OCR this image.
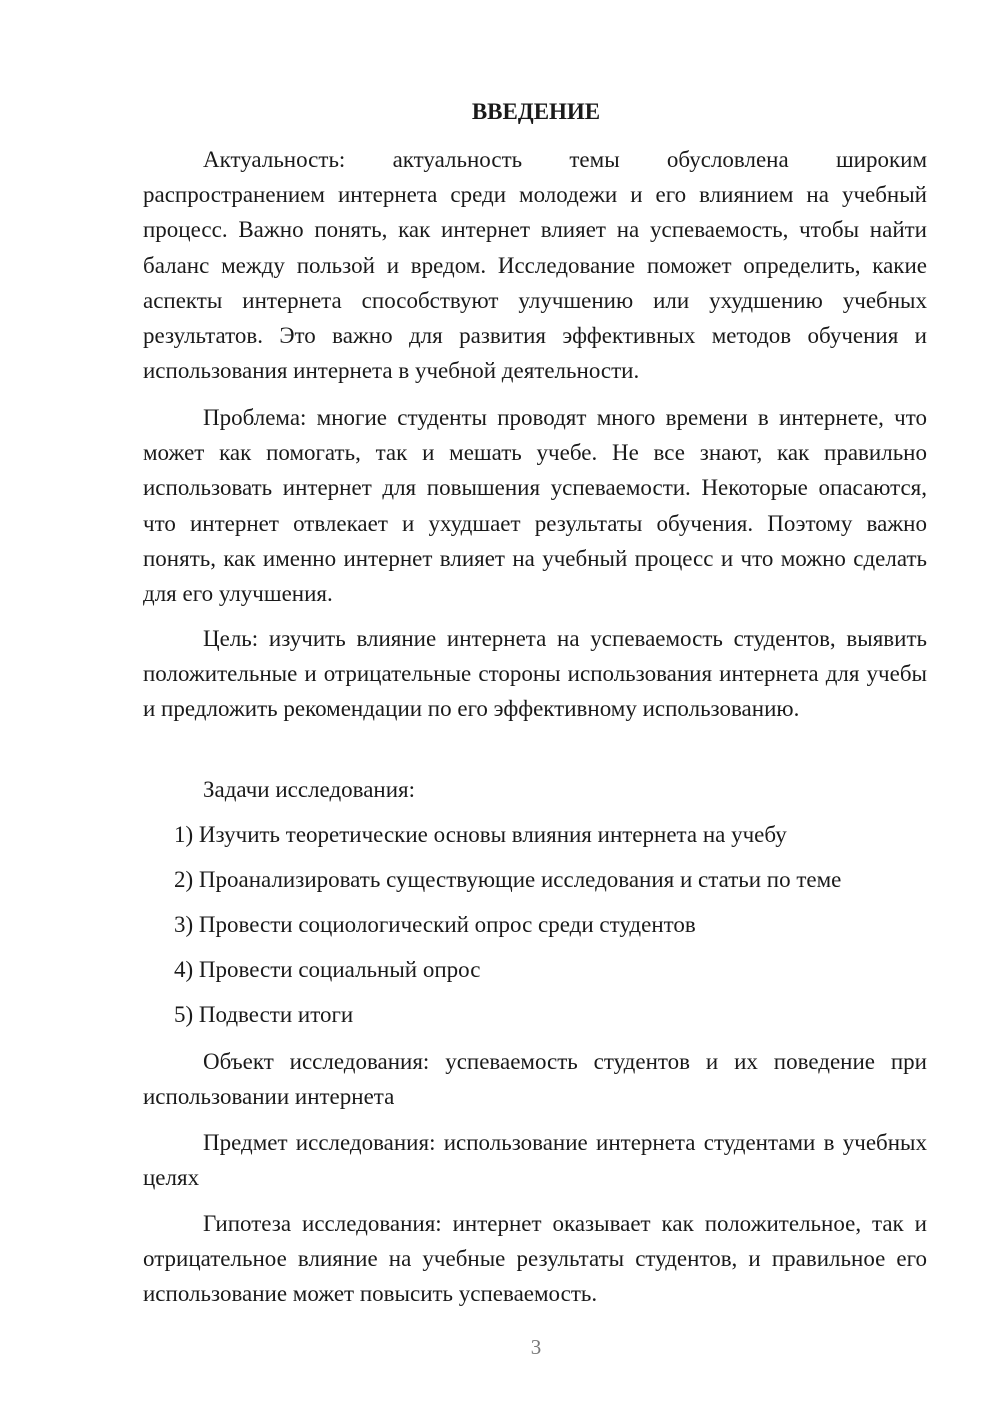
ВВЕДЕНИЕ

Актуальность: актуальность темы обусловлена широким распространением интернета среди молодежи и его влиянием на учебный процесс. Важно понять, как интернет влияет на успеваемость, чтобы найти баланс между пользой и вредом. Исследование поможет определить, какие аспекты интернета способствуют улучшению или ухудшению учебных результатов. Это важно для развития эффективных методов обучения и использования интернета в учебной деятельности.

Проблема: многие студенты проводят много времени в интернете, что может как помогать, так и мешать учебе. Не все знают, как правильно использовать интернет для повышения успеваемости. Некоторые опасаются, что интернет отвлекает и ухудшает результаты обучения. Поэтому важно понять, как именно интернет влияет на учебный процесс и что можно сделать для его улучшения.

Цель: изучить влияние интернета на успеваемость студентов, выявить положительные и отрицательные стороны использования интернета для учебы и предложить рекомендации по его эффективному использованию.

Задачи исследования:

1) Изучить теоретические основы влияния интернета на учебу
2) Проанализировать существующие исследования и статьи по теме
3) Провести социологический опрос среди студентов
4) Провести социальный опрос
5) Подвести итоги

Объект исследования: успеваемость студентов и их поведение при использовании интернета

Предмет исследования: использование интернета студентами в учебных целях

Гипотеза исследования: интернет оказывает как положительное, так и отрицательное влияние на учебные результаты студентов, и правильное его использование может повысить успеваемость.

3
